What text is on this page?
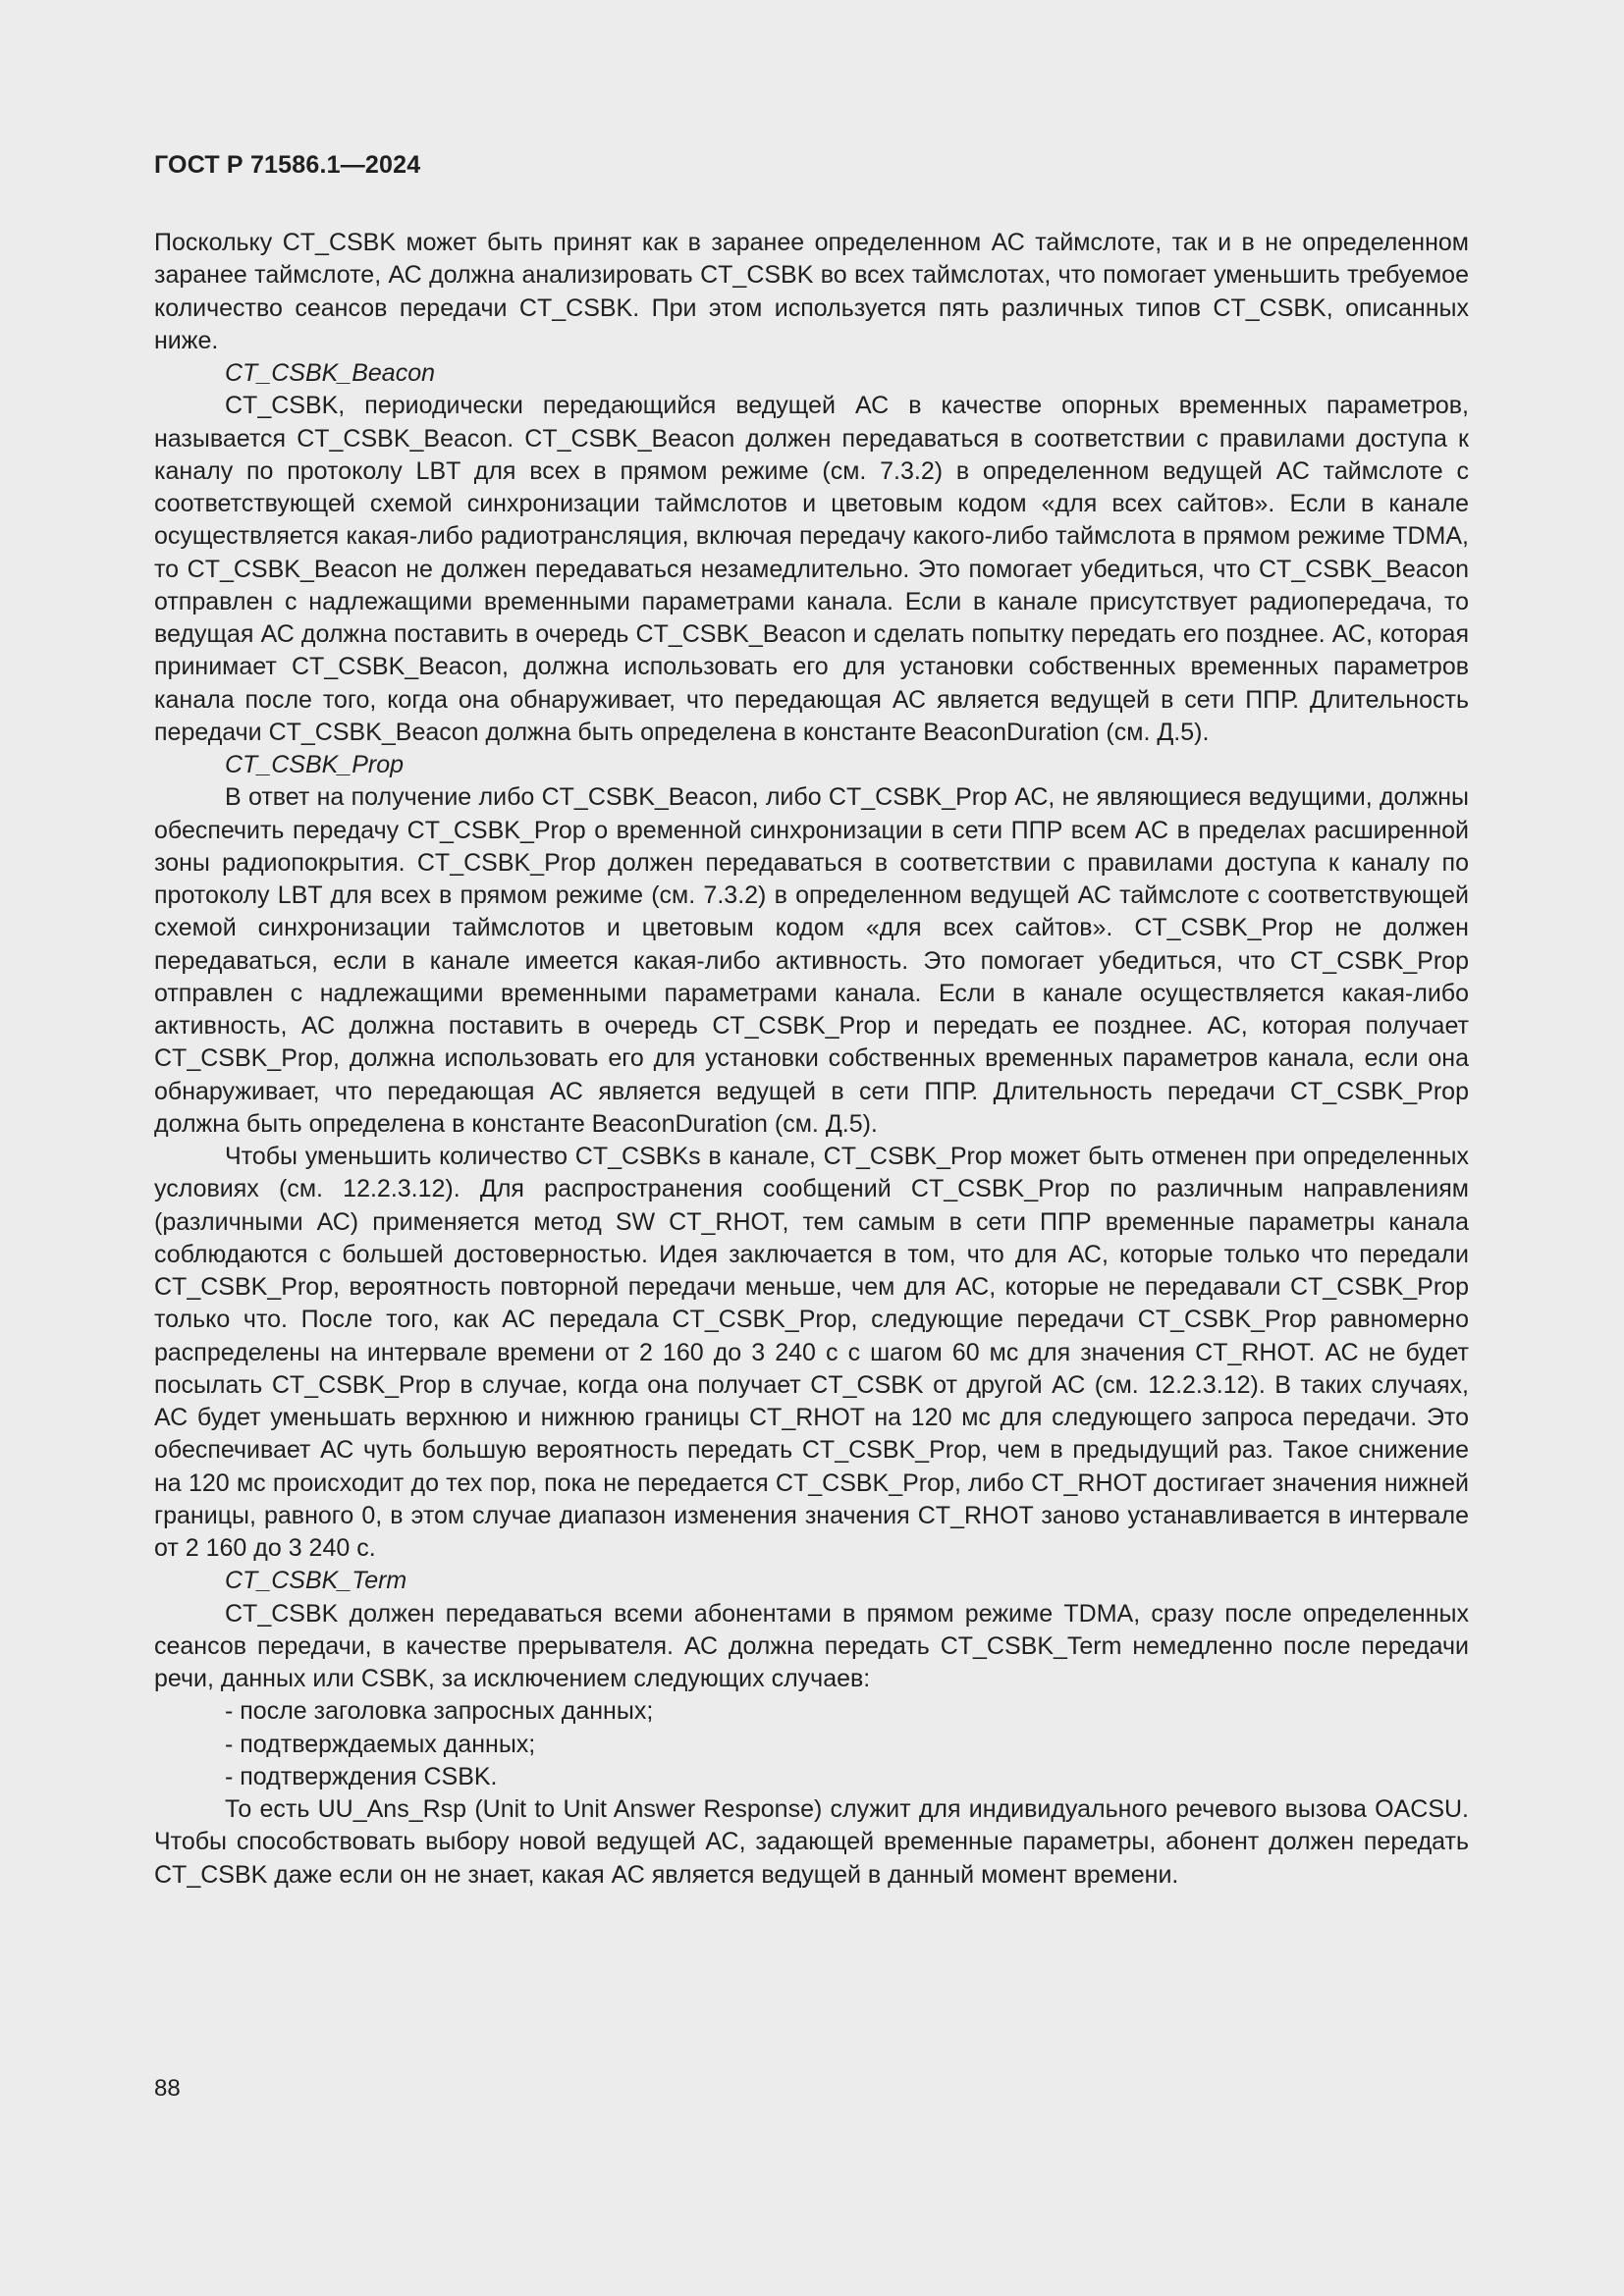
ГОСТ Р 71586.1—2024

Поскольку CT_CSBK может быть принят как в заранее определенном АС таймслоте, так и в не определенном заранее таймслоте, АС должна анализировать CT_CSBK во всех таймслотах, что помогает уменьшить требуемое количество сеансов передачи CT_CSBK. При этом используется пять различных типов CT_CSBK, описанных ниже.

CT_CSBK_Beacon

CT_CSBK, периодически передающийся ведущей АС в качестве опорных временных параметров, называется CT_CSBK_Beacon. CT_CSBK_Beacon должен передаваться в соответствии с правилами доступа к каналу по протоколу LBT для всех в прямом режиме (см. 7.3.2) в определенном ведущей АС таймслоте с соответствующей схемой синхронизации таймслотов и цветовым кодом «для всех сайтов». Если в канале осуществляется какая-либо радиотрансляция, включая передачу какого-либо таймслота в прямом режиме TDMA, то CT_CSBK_Beacon не должен передаваться незамедлительно. Это помогает убедиться, что CT_CSBK_Beacon отправлен с надлежащими временными параметрами канала. Если в канале присутствует радиопередача, то ведущая АС должна поставить в очередь CT_CSBK_Beacon и сделать попытку передать его позднее. АС, которая принимает CT_CSBK_Beacon, должна использовать его для установки собственных временных параметров канала после того, когда она обнаруживает, что передающая АС является ведущей в сети ППР. Длительность передачи CT_CSBK_Beacon должна быть определена в константе BeaconDuration (см. Д.5).

CT_CSBK_Prop

В ответ на получение либо CT_CSBK_Beacon, либо CT_CSBK_Prop АС, не являющиеся ведущими, должны обеспечить передачу CT_CSBK_Prop о временной синхронизации в сети ППР всем АС в пределах расширенной зоны радиопокрытия. CT_CSBK_Prop должен передаваться в соответствии с правилами доступа к каналу по протоколу LBT для всех в прямом режиме (см. 7.3.2) в определенном ведущей АС таймслоте с соответствующей схемой синхронизации таймслотов и цветовым кодом «для всех сайтов». CT_CSBK_Prop не должен передаваться, если в канале имеется какая-либо активность. Это помогает убедиться, что CT_CSBK_Prop отправлен с надлежащими временными параметрами канала. Если в канале осуществляется какая-либо активность, АС должна поставить в очередь CT_CSBK_Prop и передать ее позднее. АС, которая получает CT_CSBK_Prop, должна использовать его для установки собственных временных параметров канала, если она обнаруживает, что передающая АС является ведущей в сети ППР. Длительность передачи CT_CSBK_Prop должна быть определена в константе BeaconDuration (см. Д.5).

Чтобы уменьшить количество CT_CSBKs в канале, CT_CSBK_Prop может быть отменен при определенных условиях (см. 12.2.3.12). Для распространения сообщений CT_CSBK_Prop по различным направлениям (различными АС) применяется метод SW CT_RHOT, тем самым в сети ППР временные параметры канала соблюдаются с большей достоверностью. Идея заключается в том, что для АС, которые только что передали CT_CSBK_Prop, вероятность повторной передачи меньше, чем для АС, которые не передавали CT_CSBK_Prop только что. После того, как АС передала CT_CSBK_Prop, следующие передачи CT_CSBK_Prop равномерно распределены на интервале времени от 2 160 до 3 240 с с шагом 60 мс для значения CT_RHOT. АС не будет посылать CT_CSBK_Prop в случае, когда она получает CT_CSBK от другой АС (см. 12.2.3.12). В таких случаях, АС будет уменьшать верхнюю и нижнюю границы CT_RHOT на 120 мс для следующего запроса передачи. Это обеспечивает АС чуть большую вероятность передать CT_CSBK_Prop, чем в предыдущий раз. Такое снижение на 120 мс происходит до тех пор, пока не передается CT_CSBK_Prop, либо CT_RHOT достигает значения нижней границы, равного 0, в этом случае диапазон изменения значения CT_RHOT заново устанавливается в интервале от 2 160 до 3 240 с.

CT_CSBK_Term

CT_CSBK должен передаваться всеми абонентами в прямом режиме TDMA, сразу после определенных сеансов передачи, в качестве прерывателя. АС должна передать CT_CSBK_Term немедленно после передачи речи, данных или CSBK, за исключением следующих случаев:

- после заголовка запросных данных;

- подтверждаемых данных;

- подтверждения CSBK.

То есть UU_Ans_Rsp (Unit to Unit Answer Response) служит для индивидуального речевого вызова OACSU. Чтобы способствовать выбору новой ведущей АС, задающей временные параметры, абонент должен передать CT_CSBK даже если он не знает, какая АС является ведущей в данный момент времени.

88
